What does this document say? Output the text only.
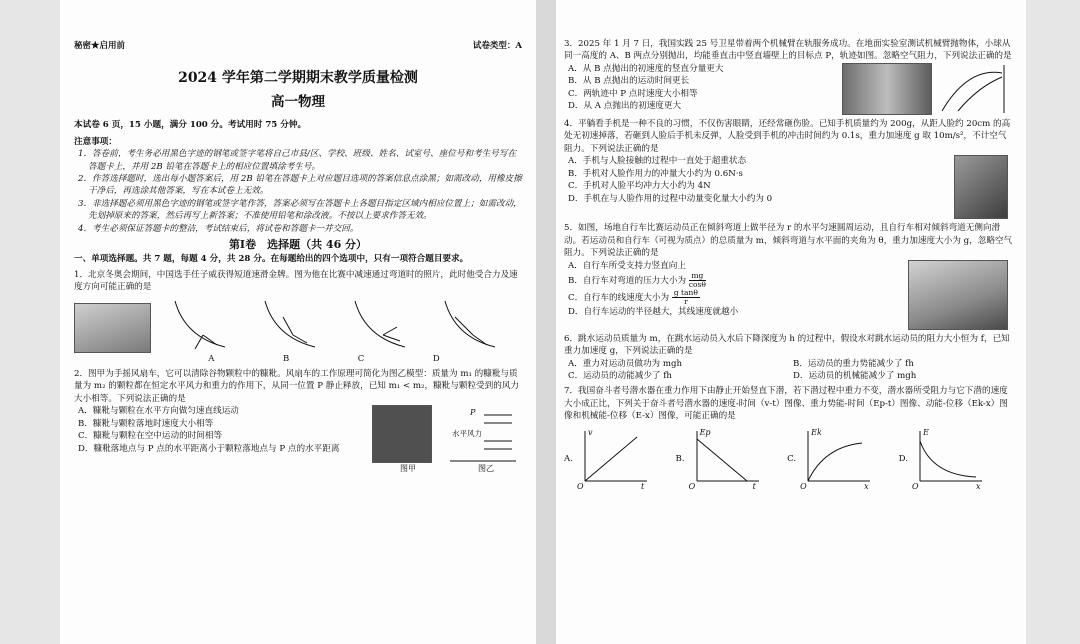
秘密★启用前	试卷类型：A
2024 学年第二学期期末教学质量检测
高一物理
本试卷 6 页，15 小题，满分 100 分。考试用时 75 分钟。
注意事项：
1．答卷前，考生务必用黑色字迹的钢笔或签字笔将自己市县/区、学校、班级、姓名、试室号、座位号和考生号写在答题卡上，并用 2B 铅笔在答题卡上的相应位置填涂考生号。
2．作答选择题时，选出每小题答案后，用 2B 铅笔在答题卡上对应题目选项的答案信息点涂黑；如需改动，用橡皮擦干净后，再选涂其他答案，写在本试卷上无效。
3．非选择题必须用黑色字迹的钢笔或签字笔作答，答案必须写在答题卡上各题目指定区域内相应位置上；如需改动，先划掉原来的答案，然后再写上新答案；不准使用铅笔和涂改液。不按以上要求作答无效。
4．考生必须保证答题卡的整洁，考试结束后，将试卷和答题卡一并交回。
第Ⅰ卷　选择题（共 46 分）
一、单项选择题。共 7 题，每题 4 分，共 28 分。在每题给出的四个选项中，只有一项符合题目要求。
1．北京冬奥会期间，中国选手任子威获得短道速滑金牌。图为他在比赛中减速通过弯道时的照片，此时他受合力及速度方向可能正确的是
A	B	C	D
2．图甲为手摇风扇车，它可以清除谷物颗粒中的糠粃。风扇车的工作原理可简化为图乙模型：质量为 m₁ 的糠粃与质量为 m₂ 的颗粒都在恒定水平风力和重力的作用下，从同一位置 P 静止释放，已知 m₁ < m₂，糠粃与颗粒受到的风力大小相等。下列说法正确的是
A．糠粃与颗粒在水平方向做匀速直线运动
B．糠粃与颗粒落地时速度大小相等
C．糠粃与颗粒在空中运动的时间相等
D．糠粃落地点与 P 点的水平距离小于颗粒落地点与 P 点的水平距离
图甲
P
水平风力
图乙
3．2025 年 1 月 7 日，我国实践 25 号卫星带着两个机械臂在轨服务成功。在地面实验室测试机械臂抛物体，小球从同一高度的 A、B 两点分别抛出，均能垂直击中竖直墙壁上的目标点 P，轨迹如图。忽略空气阻力，下列说法正确的是
A．从 B 点抛出的初速度的竖直分量更大
B．从 B 点抛出的运动时间更长
C．两轨迹中 P 点时速度大小相等
D．从 A 点抛出的初速度更大
4．平躺看手机是一种不良的习惯，不仅伤害眼睛，还经常砸伤脸。已知手机质量约为 200g，从距人脸约 20cm 的高处无初速掉落，若砸到人脸后手机未反弹，人脸受到手机的冲击时间约为 0.1s，重力加速度 g 取 10m/s²，不计空气阻力。下列说法正确的是
A．手机与人脸接触的过程中一直处于超重状态
B．手机对人脸作用力的冲量大小约为 0.6N·s
C．手机对人脸平均冲力大小约为 4N
D．手机在与人脸作用的过程中动量变化量大小约为 0
5．如图，场地自行车比赛运动员正在倾斜弯道上做半径为 r 的水平匀速圆周运动，且自行车相对倾斜弯道无侧向滑动。若运动员和自行车（可视为质点）的总质量为 m，倾斜弯道与水平面的夹角为 θ，重力加速度大小为 g，忽略空气阻力。下列说法正确的是
A．自行车所受支持力竖直向上
B．自行车对弯道的压力大小为 $\frac{mg}{\cos\theta}$
C．自行车的线速度大小为 $\frac{\text{g tanθ}}{r}$
D．自行车运动的半径越大，其线速度就越小
6．跳水运动员质量为 m，在跳水运动员入水后下降深度为 h 的过程中，假设水对跳水运动员的阻力大小恒为 f，已知重力加速度 g，下列说法正确的是
A．重力对运动员做功为 mgh	B．运动员的重力势能减少了 fh
C．运动员的动能减少了 fh	D．运动员的机械能减少了 mgh
7．我国奋斗者号潜水器在重力作用下由静止开始竖直下潜，若下潜过程中重力不变，潜水器所受阻力与它下潜的速度大小成正比，下列关于奋斗者号潜水器的速度-时间（v-t）图像、重力势能-时间（Ep-t）图像、动能-位移（Ek-x）图像和机械能-位移（E-x）图像，可能正确的是
A.
v
t
O
B.
Ep
t
O
C.
Ek
x
O
D.
E
x
O
